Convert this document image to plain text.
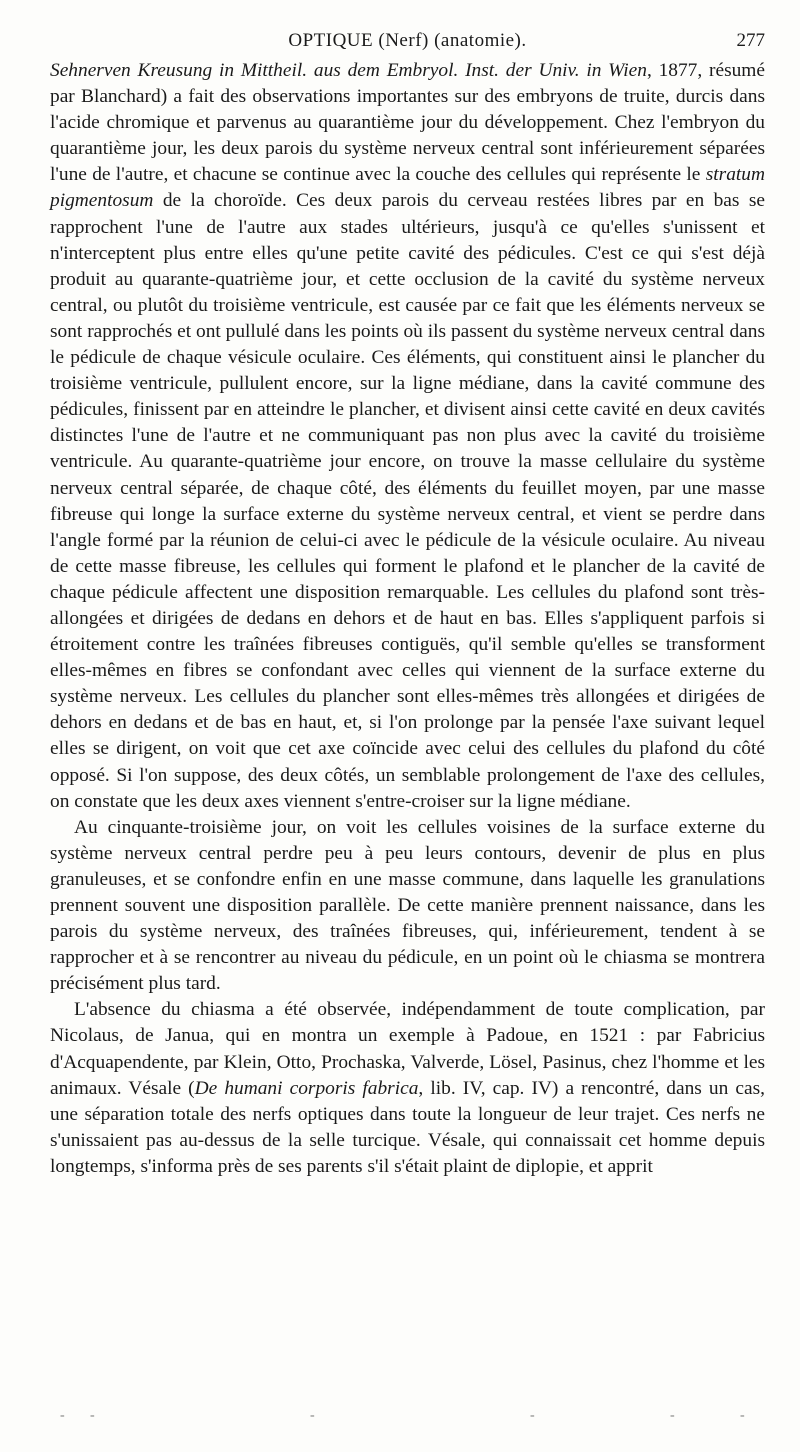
OPTIQUE (Nerf) (anatomie).	277

Sehnerven Kreusung in Mittheil. aus dem Embryol. Inst. der Univ. in Wien, 1877, résumé par Blanchard) a fait des observations importantes sur des embryons de truite, durcis dans l'acide chromique et parvenus au quarantième jour du développement. Chez l'embryon du quarantième jour, les deux parois du système nerveux central sont inférieurement séparées l'une de l'autre, et chacune se continue avec la couche des cellules qui représente le stratum pigmentosum de la choroïde. Ces deux parois du cerveau restées libres par en bas se rapprochent l'une de l'autre aux stades ultérieurs, jusqu'à ce qu'elles s'unissent et n'interceptent plus entre elles qu'une petite cavité des pédicules. C'est ce qui s'est déjà produit au quarante-quatrième jour, et cette occlusion de la cavité du système nerveux central, ou plutôt du troisième ventricule, est causée par ce fait que les éléments nerveux se sont rapprochés et ont pullulé dans les points où ils passent du système nerveux central dans le pédicule de chaque vésicule oculaire. Ces éléments, qui constituent ainsi le plancher du troisième ventricule, pullulent encore, sur la ligne médiane, dans la cavité commune des pédicules, finissent par en atteindre le plancher, et divisent ainsi cette cavité en deux cavités distinctes l'une de l'autre et ne communiquant pas non plus avec la cavité du troisième ventricule. Au quarante-quatrième jour encore, on trouve la masse cellulaire du système nerveux central séparée, de chaque côté, des éléments du feuillet moyen, par une masse fibreuse qui longe la surface externe du système nerveux central, et vient se perdre dans l'angle formé par la réunion de celui-ci avec le pédicule de la vésicule oculaire. Au niveau de cette masse fibreuse, les cellules qui forment le plafond et le plancher de la cavité de chaque pédicule affectent une disposition remarquable. Les cellules du plafond sont très-allongées et dirigées de dedans en dehors et de haut en bas. Elles s'appliquent parfois si étroitement contre les traînées fibreuses contiguës, qu'il semble qu'elles se transforment elles-mêmes en fibres se confondant avec celles qui viennent de la surface externe du système nerveux. Les cellules du plancher sont elles-mêmes très allongées et dirigées de dehors en dedans et de bas en haut, et, si l'on prolonge par la pensée l'axe suivant lequel elles se dirigent, on voit que cet axe coïncide avec celui des cellules du plafond du côté opposé. Si l'on suppose, des deux côtés, un semblable prolongement de l'axe des cellules, on constate que les deux axes viennent s'entre-croiser sur la ligne médiane.

Au cinquante-troisième jour, on voit les cellules voisines de la surface externe du système nerveux central perdre peu à peu leurs contours, devenir de plus en plus granuleuses, et se confondre enfin en une masse commune, dans laquelle les granulations prennent souvent une disposition parallèle. De cette manière prennent naissance, dans les parois du système nerveux, des traînées fibreuses, qui, inférieurement, tendent à se rapprocher et à se rencontrer au niveau du pédicule, en un point où le chiasma se montrera précisément plus tard.

L'absence du chiasma a été observée, indépendamment de toute complication, par Nicolaus, de Janua, qui en montra un exemple à Padoue, en 1521 : par Fabricius d'Acquapendente, par Klein, Otto, Prochaska, Valverde, Lösel, Pasinus, chez l'homme et les animaux. Vésale (De humani corporis fabrica, lib. IV, cap. IV) a rencontré, dans un cas, une séparation totale des nerfs optiques dans toute la longueur de leur trajet. Ces nerfs ne s'unissaient pas au-dessus de la selle turcique. Vésale, qui connaissait cet homme depuis longtemps, s'informa près de ses parents s'il s'était plaint de diplopie, et apprit

- -	-	-	-	-
